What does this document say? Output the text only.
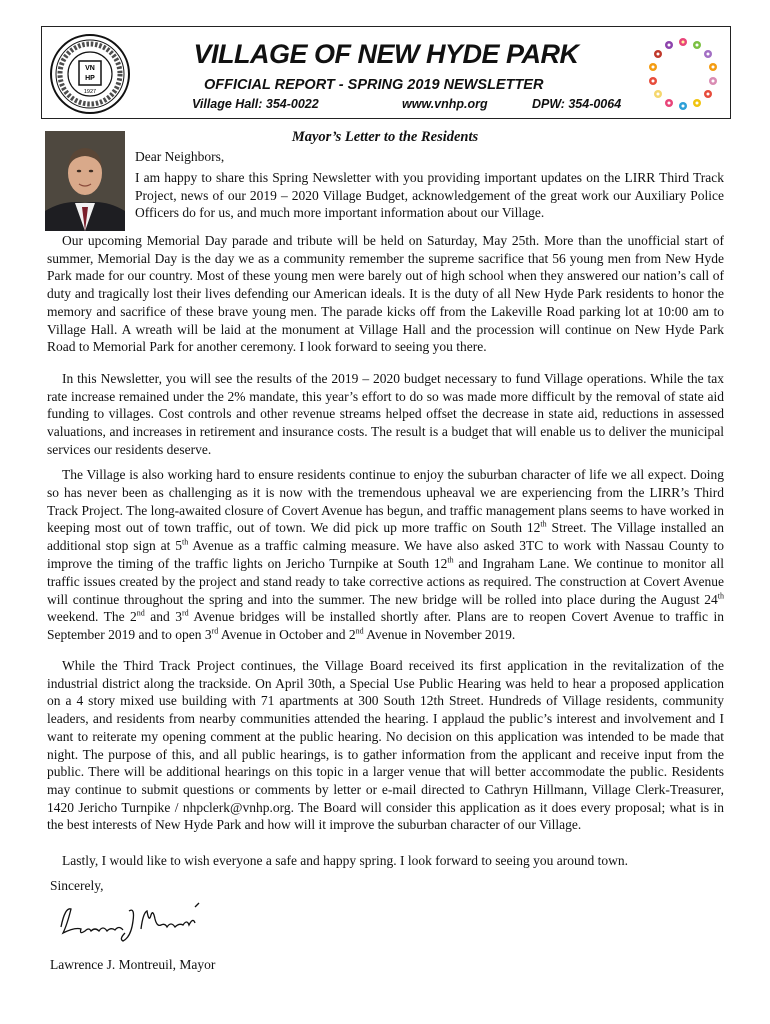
VN
HP
1927
VILLAGE OF NEW HYDE PARK
OFFICIAL REPORT - SPRING 2019 NEWSLETTER
Village Hall: 354-0022	www.vnhp.org	DPW: 354-0064
Mayor’s Letter to the Residents
Dear Neighbors,
I am happy to share this Spring Newsletter with you providing important updates on the LIRR Third Track Project, news of our 2019 – 2020 Village Budget, acknowledgement of the great work our Auxiliary Police Officers do for us, and much more important information about our Village.

Our upcoming Memorial Day parade and tribute will be held on Saturday, May 25th. More than the unofficial start of summer, Memorial Day is the day we as a community remember the supreme sacrifice that 56 young men from New Hyde Park made for our country. Most of these young men were barely out of high school when they answered our nation’s call of duty and tragically lost their lives defending our American ideals. It is the duty of all New Hyde Park residents to honor the memory and sacrifice of these brave young men. The parade kicks off from the Lakeville Road parking lot at 10:00 am to Village Hall. A wreath will be laid at the monument at Village Hall and the procession will continue on New Hyde Park Road to Memorial Park for another ceremony. I look forward to seeing you there.

In this Newsletter, you will see the results of the 2019 – 2020 budget necessary to fund Village operations. While the tax rate increase remained under the 2% mandate, this year’s effort to do so was made more difficult by the removal of state aid funding to villages. Cost controls and other revenue streams helped offset the decrease in state aid, reductions in assessed valuations, and increases in retirement and insurance costs. The result is a budget that will enable us to deliver the municipal services our residents deserve.

The Village is also working hard to ensure residents continue to enjoy the suburban character of life we all expect. Doing so has never been as challenging as it is now with the tremendous upheaval we are experiencing from the LIRR’s Third Track Project. The long-awaited closure of Covert Avenue has begun, and traffic management plans seems to have worked in keeping most out of town traffic, out of town. We did pick up more traffic on South 12th Street. The Village installed an additional stop sign at 5th Avenue as a traffic calming measure. We have also asked 3TC to work with Nassau County to improve the timing of the traffic lights on Jericho Turnpike at South 12th and Ingraham Lane. We continue to monitor all traffic issues created by the project and stand ready to take corrective actions as required. The construction at Covert Avenue will continue throughout the spring and into the summer. The new bridge will be rolled into place during the August 24th weekend. The 2nd and 3rd Avenue bridges will be installed shortly after. Plans are to reopen Covert Avenue to traffic in September 2019 and to open 3rd Avenue in October and 2nd Avenue in November 2019.

While the Third Track Project continues, the Village Board received its first application in the revitalization of the industrial district along the trackside. On April 30th, a Special Use Public Hearing was held to hear a proposed application on a 4 story mixed use building with 71 apartments at 300 South 12th Street. Hundreds of Village residents, community leaders, and residents from nearby communities attended the hearing. I applaud the public’s interest and involvement and I want to reiterate my opening comment at the public hearing. No decision on this application was intended to be made that night. The purpose of this, and all public hearings, is to gather information from the applicant and receive input from the public. There will be additional hearings on this topic in a larger venue that will better accommodate the public. Residents may continue to submit questions or comments by letter or e-mail directed to Cathryn Hillmann, Village Clerk-Treasurer, 1420 Jericho Turnpike / nhpclerk@vnhp.org. The Board will consider this application as it does every proposal; what is in the best interests of New Hyde Park and how will it improve the suburban character of our Village.

Lastly, I would like to wish everyone a safe and happy spring. I look forward to seeing you around town.

Sincerely,
Lawrence J. Montreuil, Mayor
